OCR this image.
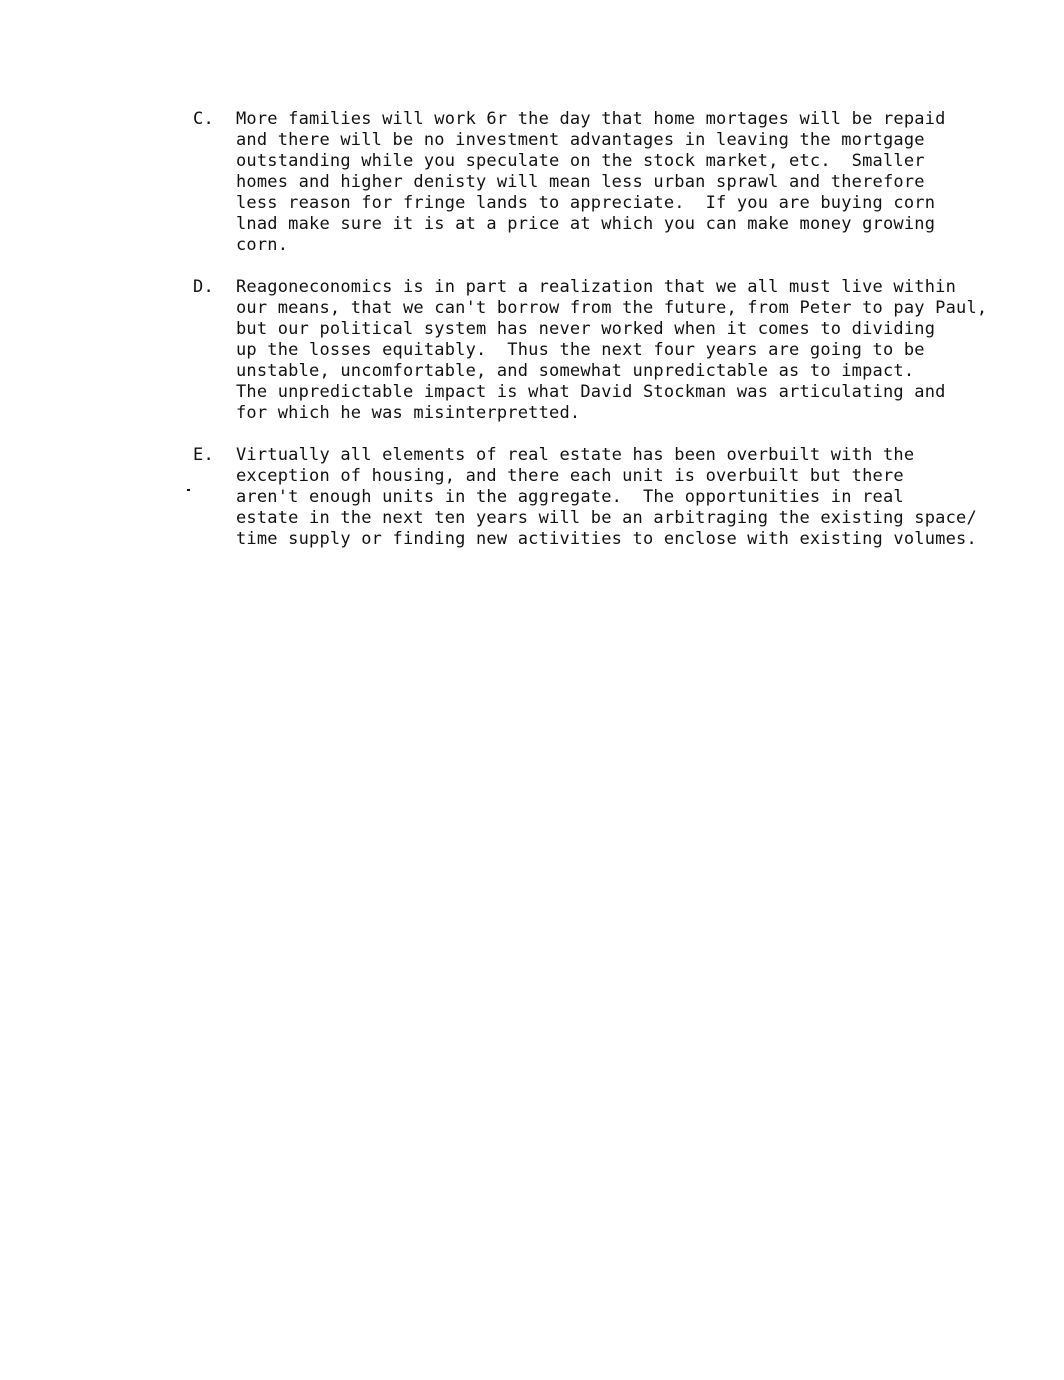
C. More families will work 6r the day that home mortages will be repaid
and there will be no investment advantages in leaving the mortgage
outstanding while you speculate on the stock market, etc.  Smaller
homes and higher denisty will mean less urban sprawl and therefore
less reason for fringe lands to appreciate.  If you are buying corn
lnad make sure it is at a price at which you can make money growing
corn.
D. Reagoneconomics is in part a realization that we all must live within
our means, that we can't borrow from the future, from Peter to pay Paul,
but our political system has never worked when it comes to dividing
up the losses equitably.  Thus the next four years are going to be
unstable, uncomfortable, and somewhat unpredictable as to impact.
The unpredictable impact is what David Stockman was articulating and
for which he was misinterpretted.
E. Virtually all elements of real estate has been overbuilt with the
exception of housing, and there each unit is overbuilt but there
aren't enough units in the aggregate.  The opportunities in real
estate in the next ten years will be an arbitraging the existing space/
time supply or finding new activities to enclose with existing volumes.
